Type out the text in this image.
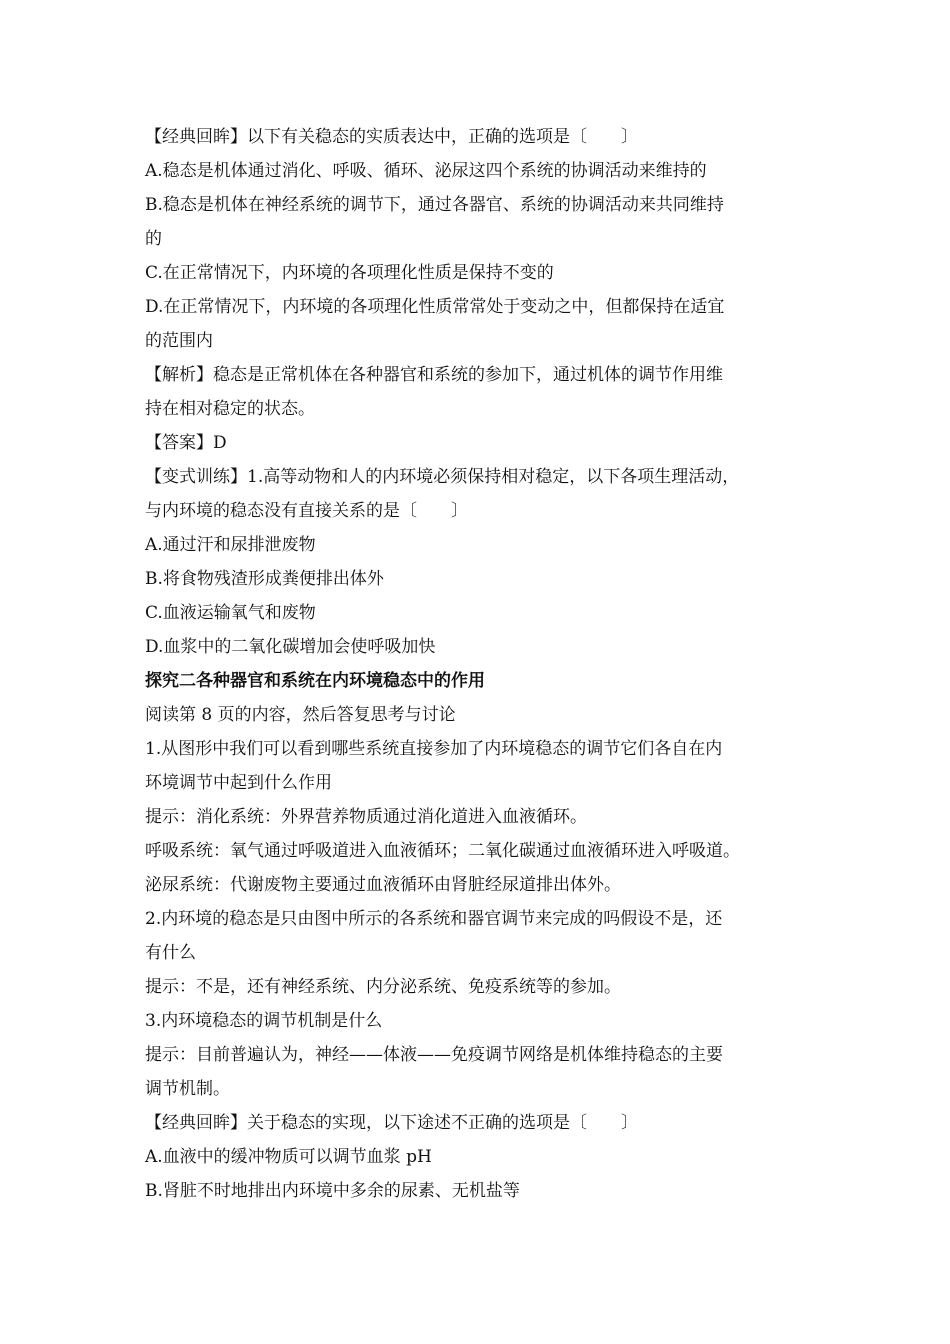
【经典回眸】以下有关稳态的实质表达中，正确的选项是〔　　〕
A.稳态是机体通过消化、呼吸、循环、泌尿这四个系统的协调活动来维持的
B.稳态是机体在神经系统的调节下，通过各器官、系统的协调活动来共同维持
的
C.在正常情况下，内环境的各项理化性质是保持不变的
D.在正常情况下，内环境的各项理化性质常常处于变动之中，但都保持在适宜
的范围内
【解析】稳态是正常机体在各种器官和系统的参加下，通过机体的调节作用维
持在相对稳定的状态。
【答案】D
【变式训练】1.高等动物和人的内环境必须保持相对稳定，以下各项生理活动，
与内环境的稳态没有直接关系的是〔　　〕
A.通过汗和尿排泄废物
B.将食物残渣形成粪便排出体外
C.血液运输氧气和废物
D.血浆中的二氧化碳增加会使呼吸加快
探究二各种器官和系统在内环境稳态中的作用
阅读第 8 页的内容，然后答复思考与讨论
1.从图形中我们可以看到哪些系统直接参加了内环境稳态的调节它们各自在内
环境调节中起到什么作用
提示：消化系统：外界营养物质通过消化道进入血液循环。
呼吸系统：氧气通过呼吸道进入血液循环；二氧化碳通过血液循环进入呼吸道。
泌尿系统：代谢废物主要通过血液循环由肾脏经尿道排出体外。
2.内环境的稳态是只由图中所示的各系统和器官调节来完成的吗假设不是，还
有什么
提示：不是，还有神经系统、内分泌系统、免疫系统等的参加。
3.内环境稳态的调节机制是什么
提示：目前普遍认为，神经——体液——免疫调节网络是机体维持稳态的主要
调节机制。
【经典回眸】关于稳态的实现，以下途述不正确的选项是〔　　〕
A.血液中的缓冲物质可以调节血浆 pH
B.肾脏不时地排出内环境中多余的尿素、无机盐等
